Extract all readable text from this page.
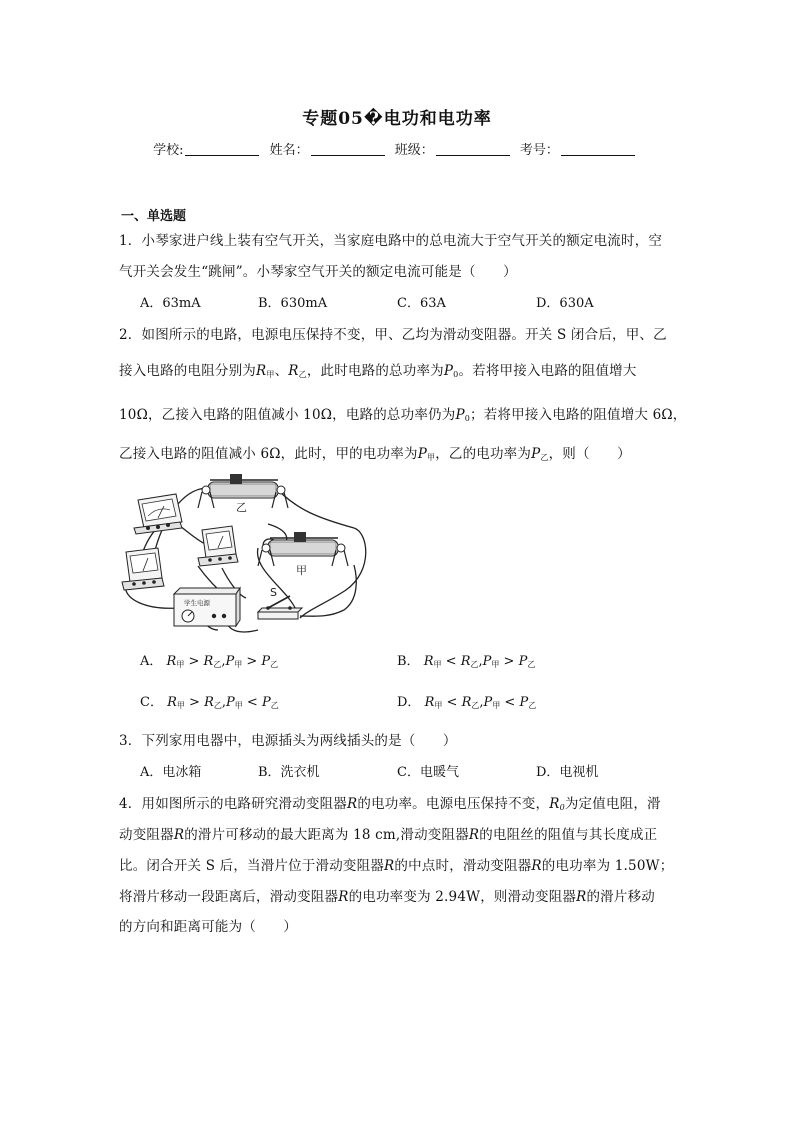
专题05�电功和电功率
学校:	姓名：	班级：	考号：
一、单选题
1．小琴家进户线上装有空气开关，当家庭电路中的总电流大于空气开关的额定电流时，空
气开关会发生“跳闸”。小琴家空气开关的额定电流可能是（　　）
A．63mA	B．630mA	C．63A	D．630A
2．如图所示的电路，电源电压保持不变，甲、乙均为滑动变阻器。开关 S 闭合后，甲、乙
接入电路的电阻分别为$R_甲$、$R_乙$，此时电路的总功率为$P_0$。若将甲接入电路的阻值增大
10Ω，乙接入电路的阻值减小 10Ω，电路的总功率仍为$P_0$；若将甲接入电路的阻值增大 6Ω，
乙接入电路的阻值减小 6Ω，此时，甲的电功率为$P_甲$，乙的电功率为$P_乙$，则（　　）
乙
甲
学生电源
S
A． $R_甲 > R_乙,P_甲 > P_乙$	B． $R_甲 < R_乙,P_甲 > P_乙$
C． $R_甲 > R_乙,P_甲 < P_乙$	D． $R_甲 < R_乙,P_甲 < P_乙$
3．下列家用电器中，电源插头为两线插头的是（　　）
A．电冰箱	B．洗衣机	C．电暖气	D．电视机
4．用如图所示的电路研究滑动变阻器R的电功率。电源电压保持不变，$R_0$为定值电阻，滑
动变阻器R的滑片可移动的最大距离为 18 cm,滑动变阻器R的电阻丝的阻值与其长度成正
比。闭合开关 S 后，当滑片位于滑动变阻器R的中点时，滑动变阻器R的电功率为 1.50W；
将滑片移动一段距离后，滑动变阻器R的电功率变为 2.94W，则滑动变阻器R的滑片移动
的方向和距离可能为（　　）
